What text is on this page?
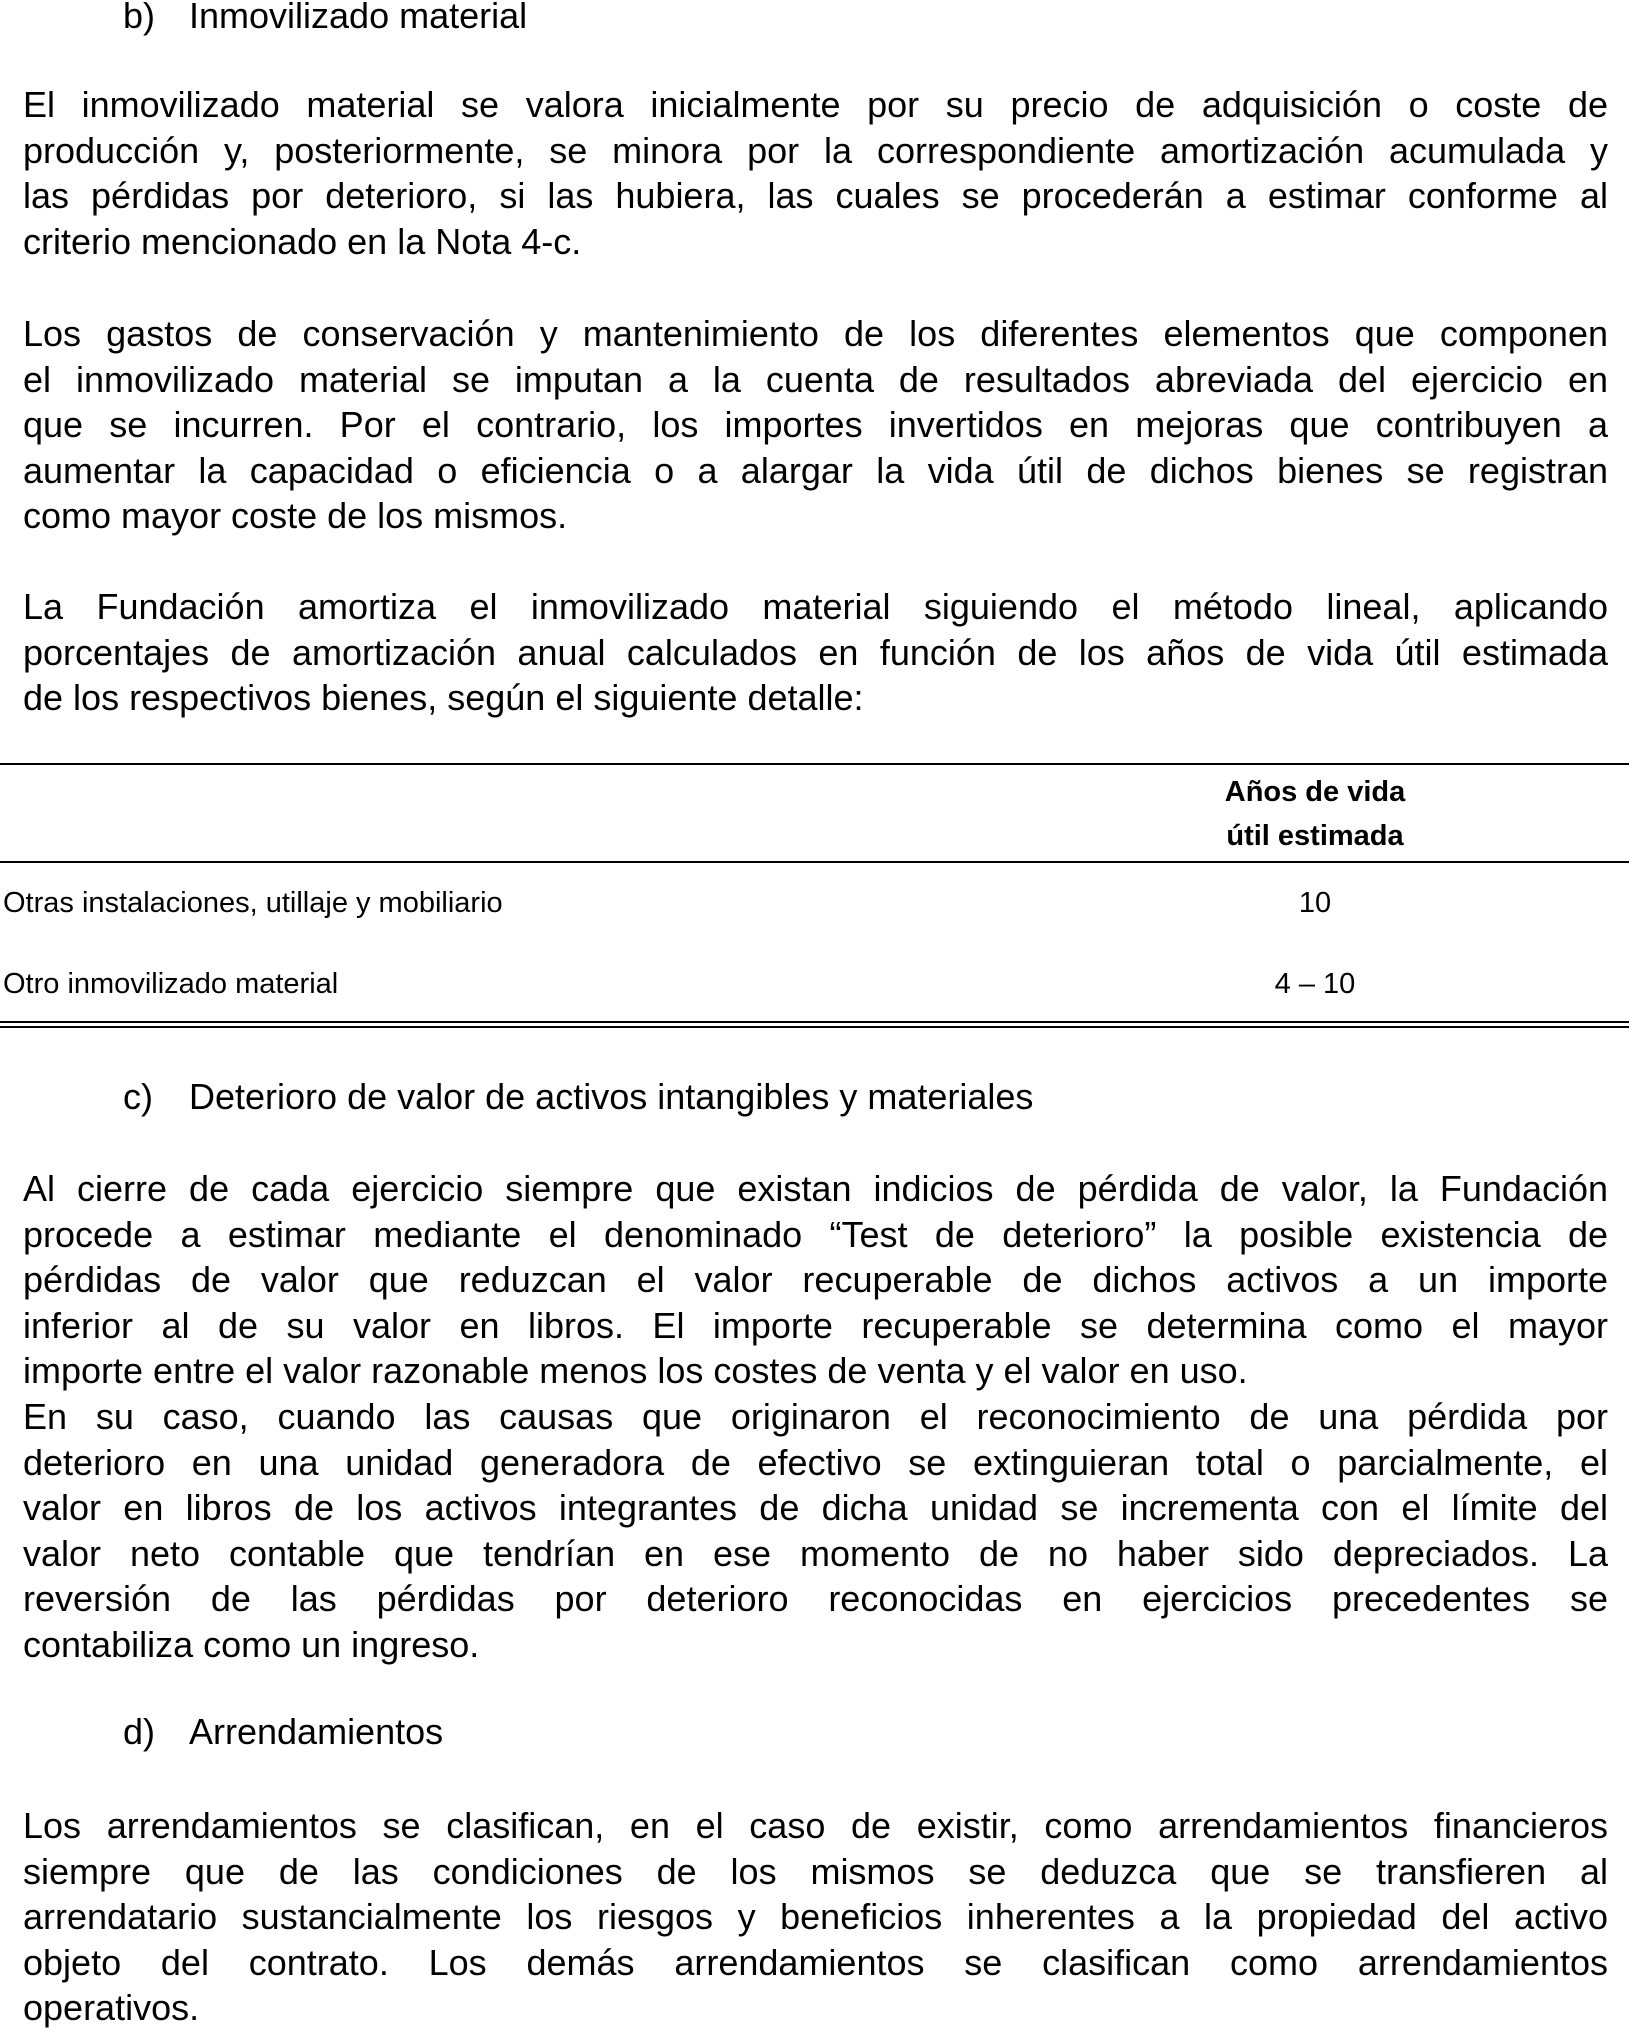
b) Inmovilizado material
El inmovilizado material se valora inicialmente por su precio de adquisición o coste de
producción y, posteriormente, se minora por la correspondiente amortización acumulada y
las pérdidas por deterioro, si las hubiera, las cuales se procederán a estimar conforme al
criterio mencionado en la Nota 4-c.
Los gastos de conservación y mantenimiento de los diferentes elementos que componen
el inmovilizado material se imputan a la cuenta de resultados abreviada del ejercicio en
que se incurren. Por el contrario, los importes invertidos en mejoras que contribuyen a
aumentar la capacidad o eficiencia o a alargar la vida útil de dichos bienes se registran
como mayor coste de los mismos.
La Fundación amortiza el inmovilizado material siguiendo el método lineal, aplicando
porcentajes de amortización anual calculados en función de los años de vida útil estimada
de los respectivos bienes, según el siguiente detalle:
Años de vida
útil estimada
Otras instalaciones, utillaje y mobiliario	10
Otro inmovilizado material	4 – 10
c) Deterioro de valor de activos intangibles y materiales
Al cierre de cada ejercicio siempre que existan indicios de pérdida de valor, la Fundación
procede a estimar mediante el denominado “Test de deterioro” la posible existencia de
pérdidas de valor que reduzcan el valor recuperable de dichos activos a un importe
inferior al de su valor en libros. El importe recuperable se determina como el mayor
importe entre el valor razonable menos los costes de venta y el valor en uso.
En su caso, cuando las causas que originaron el reconocimiento de una pérdida por
deterioro en una unidad generadora de efectivo se extinguieran total o parcialmente, el
valor en libros de los activos integrantes de dicha unidad se incrementa con el límite del
valor neto contable que tendrían en ese momento de no haber sido depreciados. La
reversión de las pérdidas por deterioro reconocidas en ejercicios precedentes se
contabiliza como un ingreso.
d) Arrendamientos
Los arrendamientos se clasifican, en el caso de existir, como arrendamientos financieros
siempre que de las condiciones de los mismos se deduzca que se transfieren al
arrendatario sustancialmente los riesgos y beneficios inherentes a la propiedad del activo
objeto del contrato. Los demás arrendamientos se clasifican como arrendamientos
operativos.
